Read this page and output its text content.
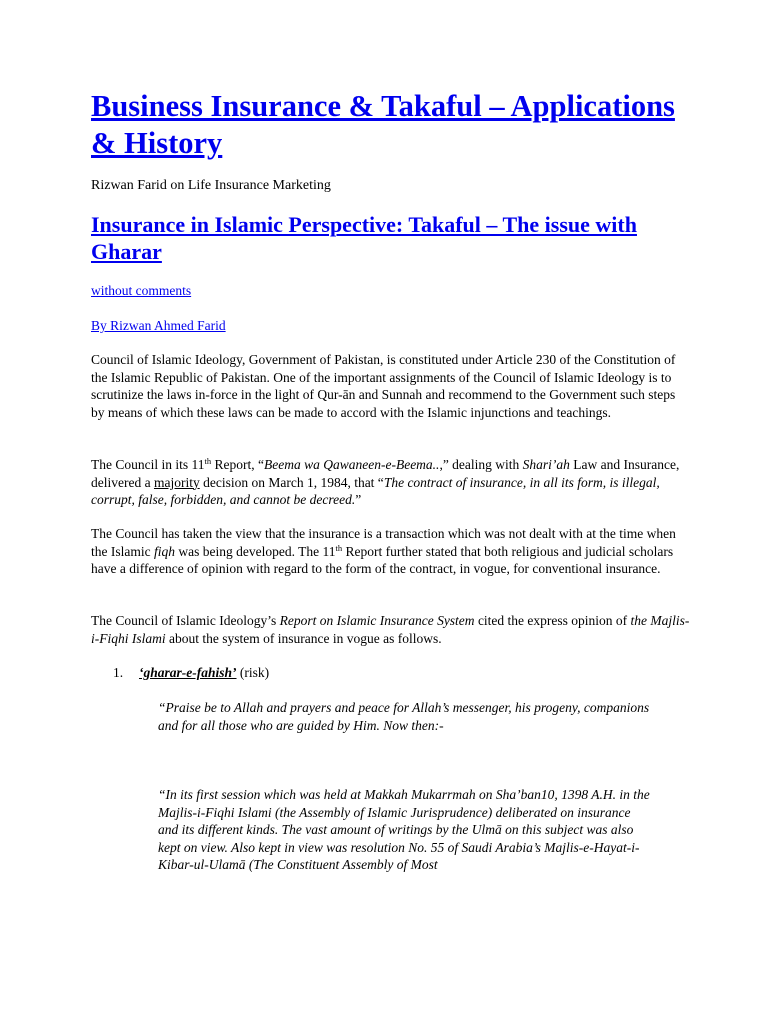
Business Insurance & Takaful – Applications & History
Rizwan Farid on Life Insurance Marketing
Insurance in Islamic Perspective: Takaful – The issue with Gharar
without comments
By Rizwan Ahmed Farid

Council of Islamic Ideology, Government of Pakistan, is constituted under Article 230 of the Constitution of the Islamic Republic of Pakistan. One of the important assignments of the Council of Islamic Ideology is to scrutinize the laws in-force in the light of Qur-ān and Sunnah and recommend to the Government such steps by means of which these laws can be made to accord with the Islamic injunctions and teachings.

The Council in its 11th Report, “Beema wa Qawaneen-e-Beema..,” dealing with Shari’ah Law and Insurance, delivered a majority decision on March 1, 1984, that “The contract of insurance, in all its form, is illegal, corrupt, false, forbidden, and cannot be decreed.”

The Council has taken the view that the insurance is a transaction which was not dealt with at the time when the Islamic fiqh was being developed. The 11th Report further stated that both religious and judicial scholars have a difference of opinion with regard to the form of the contract, in vogue, for conventional insurance.

The Council of Islamic Ideology’s Report on Islamic Insurance System cited the express opinion of the Majlis-i-Fiqhi Islami about the system of insurance in vogue as follows.

1. ‘gharar-e-fahish’ (risk)

“Praise be to Allah and prayers and peace for Allah’s messenger, his progeny, companions and for all those who are guided by Him. Now then:-

“In its first session which was held at Makkah Mukarrmah on Sha’ban10, 1398 A.H. in the Majlis-i-Fiqhi Islami (the Assembly of Islamic Jurisprudence) deliberated on insurance and its different kinds. The vast amount of writings by the Ulmā on this subject was also kept on view. Also kept in view was resolution No. 55 of Saudi Arabia’s Majlis-e-Hayat-i-Kibar-ul-Ulamā (The Constituent Assembly of Most
